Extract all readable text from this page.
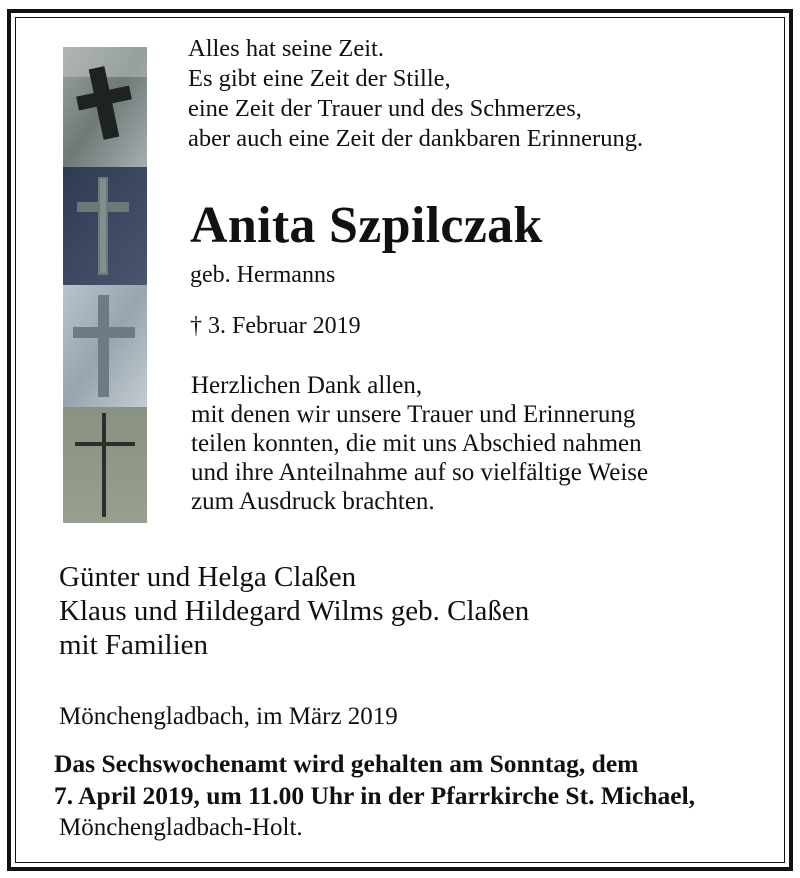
Alles hat seine Zeit.
Es gibt eine Zeit der Stille,
eine Zeit der Trauer und des Schmerzes,
aber auch eine Zeit der dankbaren Erinnerung.
Anita Szpilczak
geb. Hermanns
† 3. Februar 2019
Herzlichen Dank allen,
mit denen wir unsere Trauer und Erinnerung
teilen konnten, die mit uns Abschied nahmen
und ihre Anteilnahme auf so vielfältige Weise
zum Ausdruck brachten.
Günter und Helga Claßen
Klaus und Hildegard Wilms geb. Claßen
mit Familien
Mönchengladbach, im März 2019
Das Sechswochenamt wird gehalten am Sonntag, dem
7. April 2019, um 11.00 Uhr in der Pfarrkirche St. Michael,
Mönchengladbach-Holt.
